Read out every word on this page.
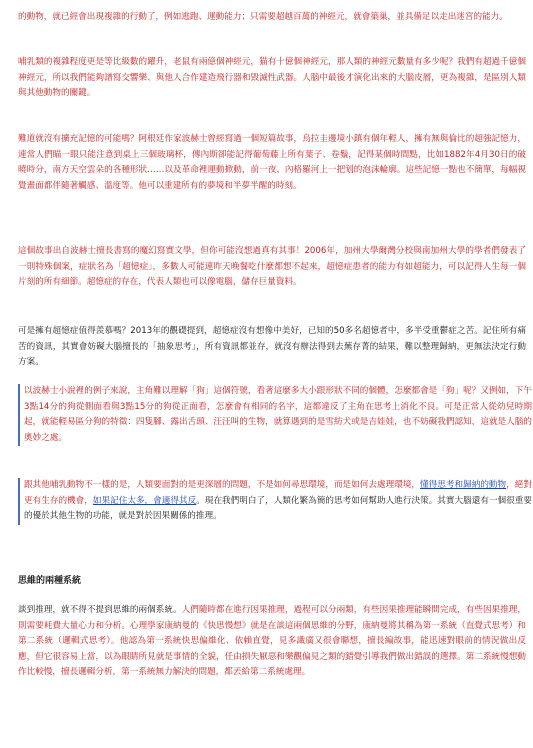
的動物，就已經會出現複雜的行動了，例如逃跑、運動能力；只需要超越百萬的神經元，就會築巢，並具備足以走出迷宮的能力。

哺乳類的複雜程度更是等比級數的躍升，老鼠有兩億個神經元，猫有十億個神經元，那人類的神經元數量有多少呢？我們有超過千億個神經元，所以我們能夠譜寫交響樂、與他人合作建造飛行器和毀滅性武器。人腦中最後才演化出來的大腦皮層，更為複雜，是區別人類與其他動物的關鍵。

難道就沒有擴充記憶的可能嗎？阿根廷作家波赫士曾經寫過一個短篇故事，烏拉圭邊境小鎮有個年輕人，擁有無與倫比的超強記憶力，連常人們瞄一眼只能注意到桌上三個玻璃杯，傳內斯卻能記得葡萄藤上所有葉子、卷鬚，記得某個時間點，比如1882年4月30日的破曉時分，南方天空雲朵的各種形狀……以及革命裡運動掀動，前一夜、內格羅河上一把划的泡沫輪廓。這些記憶一點也不簡單，每幅視覺畫面都伴隨著觸感、溫度等。他可以重建所有的夢境和半夢半醒的時刻。

這個故事出自波赫士擅長書寫的魔幻寫實文學，但你可能沒想過真有其事！2006年，加州大學爾灣分校與南加州大學的學者們發表了一則特殊個案，症狀名為「超憶症」，多數人可能連昨天晚餐吃什麼都想不起來，超憶症患者的能力有如超能力，可以記得人生每一個片刻的所有細節。超憶症的存在，代表人類也可以像電腦，儲存巨量資料。

可是擁有超憶症值得羨慕嗎？2013年的觀礎提到，超憶症沒有想像中美好，已知的50多名超憶者中，多半受重鬱症之苦。記住所有痛苦的資訊，其實會妨礙大腦擅長的「抽象思考」，所有資訊都並存，就沒有辦法得到去蕪存菁的結果，難以整理歸納，更無法決定行動方案。

以波赫士小說裡的例子來說，主角難以理解「狗」這個符號，看著這麼多大小跟形狀不同的個體，怎麼都會是「狗」呢？又例如，下午3點14分的狗從側面看與3點15分的狗從正面看，怎麼會有相同的名字，這都違反了主角在思考上消化不良。可是正常人從幼兒時期起，就能輕易區分狗的特徵：四隻腳、露出舌頭、汪汪叫的生物，就算遇到的是雪紡犬或是吉娃娃，也不妨礙我們認知，這就是人腦的奧妙之處。

跟其他哺乳動物不一樣的是，人類要面對的是更深層的問題，不是如何尋思環境，而是如何去處理環境，懂得思考和歸納的動物，絕對更有生存的機會，如果記住太多，會適得其反。現在我們明白了，人類化繁為簡的思考如何幫助人進行決策。其實大腦還有一個很重要的優於其他生物的功能，就是對於因果關係的推理。

思維的兩種系統

談到推理，就不得不提到思維的兩個系統。人們隨時都在進行因果推理，過程可以分兩類，有些因果推理能瞬間完成，有些因果推理，則需要耗費大量心力和分析。心理學家康納曼的《快思慢想》就是在談這兩個思維的分野，康納曼將其稱為第一系統（直覺式思考）和第二系統（邏輯式思考）。他認為第一系統快思偏維化、依賴直覺，見多識廣又很會聯想，擅長編故事，能迅速對眼前的情況做出反應，但它很容易上當，以為眼睛所見就是事情的全貌，任由損失厭惡和樂觀偏見之類的錯覺引導我們做出錯誤的選擇。第二系統慢想動作比較慢，擅長邏輯分析，第一系統無力解決的問題，都丟給第二系統處理。
